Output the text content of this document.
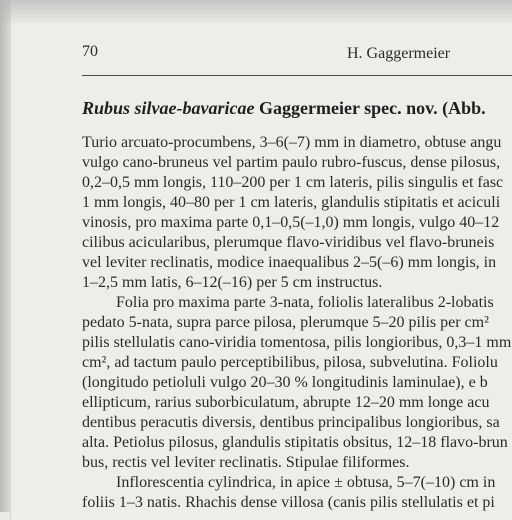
70	H. Gaggermeier
Rubus silvae-bavaricae Gaggermeier spec. nov. (Abb.
Turio arcuato-procumbens, 3–6(–7) mm in diametro, obtuse angu
vulgo cano-bruneus vel partim paulo rubro-fuscus, dense pilosus,
0,2–0,5 mm longis, 110–200 per 1 cm lateris, pilis singulis et fasc
1 mm longis, 40–80 per 1 cm lateris, glandulis stipitatis et aciculi
vinosis, pro maxima parte 0,1–0,5(–1,0) mm longis, vulgo 40–12
cilibus acicularibus, plerumque flavo-viridibus vel flavo-bruneis
vel leviter reclinatis, modice inaequalibus 2–5(–6) mm longis, in
1–2,5 mm latis, 6–12(–16) per 5 cm instructus.
Folia pro maxima parte 3-nata, foliolis lateralibus 2-lobatis
pedato 5-nata, supra parce pilosa, plerumque 5–20 pilis per cm²
pilis stellulatis cano-viridia tomentosa, pilis longioribus, 0,3–1 mm
cm², ad tactum paulo perceptibilibus, pilosa, subvelutina. Foliolu
(longitudo petioluli vulgo 20–30 % longitudinis laminulae), e b
ellipticum, rarius suborbiculatum, abrupte 12–20 mm longe acu
dentibus peracutis diversis, dentibus principalibus longioribus, sa
alta. Petiolus pilosus, glandulis stipitatis obsitus, 12–18 flavo-brun
bus, rectis vel leviter reclinatis. Stipulae filiformes.
Inflorescentia cylindrica, in apice ± obtusa, 5–7(–10) cm in
foliis 1–3 natis. Rhachis dense villosa (canis pilis stellulatis et pi
